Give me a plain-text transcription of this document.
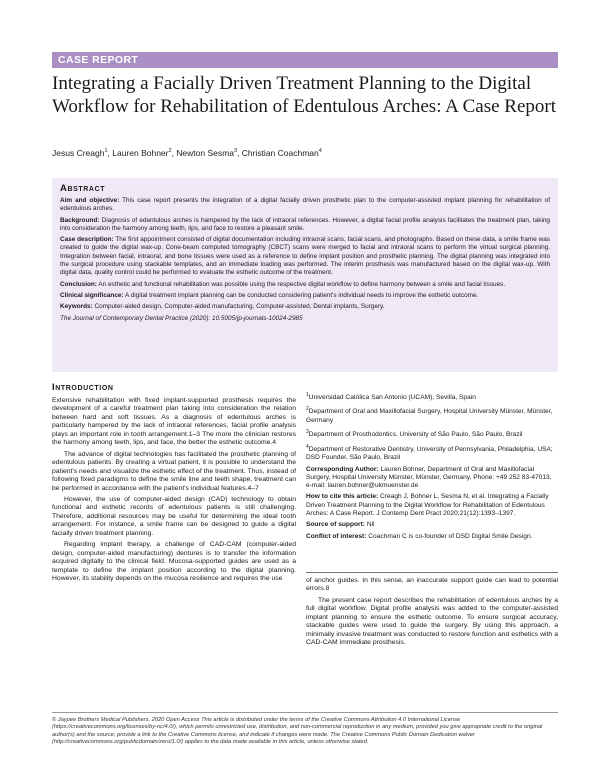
CASE REPORT
Integrating a Facially Driven Treatment Planning to the Digital Workflow for Rehabilitation of Edentulous Arches: A Case Report
Jesus Creagh$^1$, Lauren Bohner$^2$, Newton Sesma$^3$, Christian Coachman$^4$
Abstract

Aim and objective: This case report presents the integration of a digital facially driven prosthetic plan to the computer-assisted implant planning for rehabilitation of edentulous arches.

Background: Diagnosis of edentulous arches is hampered by the lack of intraoral references. However, a digital facial profile analysis facilitates the treatment plan, taking into consideration the harmony among teeth, lips, and face to restore a pleasant smile.

Case description: The first appointment consisted of digital documentation including intraoral scans, facial scans, and photographs. Based on these data, a smile frame was created to guide the digital wax-up. Cone-beam computed tomography (CBCT) scans were merged to facial and intraoral scans to perform the virtual surgical planning. Integration between facial, intraoral, and bone tissues were used as a reference to define implant position and prosthetic planning. The digital planning was integrated into the surgical procedure using stackable templates, and an immediate loading was performed. The interim prosthesis was manufactured based on the digital wax-up. With digital data, quality control could be performed to evaluate the esthetic outcome of the treatment.

Conclusion: An esthetic and functional rehabilitation was possible using the respective digital workflow to define harmony between a smile and facial tissues.

Clinical significance: A digital treatment implant planning can be conducted considering patient's individual needs to improve the esthetic outcome.

Keywords: Computer-aided design, Computer-aided manufacturing, Computer-assisted, Dental implants, Surgery.

The Journal of Contemporary Dental Practice (2020): 10.5005/jp-journals-10024-2985

Introduction

Extensive rehabilitation with fixed implant-supported prosthesis requires the development of a careful treatment plan taking into consideration the relation between hard and soft tissues. As a diagnosis of edentulous arches is particularly hampered by the lack of intraoral references, facial profile analysis plays an important role in tooth arrangement.1–3 The more the clinician restores the harmony among teeth, lips, and face, the better the esthetic outcome.4

The advance of digital technologies has facilitated the prosthetic planning of edentulous patients. By creating a virtual patient, it is possible to understand the patient's needs and visualize the esthetic effect of the treatment. Thus, instead of following fixed paradigms to define the smile line and teeth shape, treatment can be performed in accordance with the patient's individual features.4–7

However, the use of computer-aided design (CAD) technology to obtain functional and esthetic records of edentulous patients is still challenging. Therefore, additional resources may be useful for determining the ideal tooth arrangement. For instance, a smile frame can be designed to guide a digital facially driven treatment planning.

Regarding implant therapy, a challenge of CAD-CAM (computer-aided design, computer-aided manufacturing) dentures is to transfer the information acquired digitally to the clinical field. Mucosa-supported guides are used as a template to define the implant position according to the digital planning. However, its stability depends on the mucosa resilience and requires the use

$^1$Universidad Católica San Antonio (UCAM), Sevilla, Spain

$^2$Department of Oral and Maxillofacial Surgery, Hospital University Münster, Münster, Germany

$^3$Department of Prosthodontics, University of São Paulo, São Paulo, Brazil

$^4$Department of Restorative Dentistry, University of Pennsylvania, Philadelphia, USA; DSD Founder, São Paulo, Brazil

Corresponding Author: Lauren Bohner, Department of Oral and Maxillofacial Surgery, Hospital University Münster, Münster, Germany, Phone: +49 252 83-47013, e-mail: lauren.bohner@ukmuenster.de

How to cite this article: Creagh J, Bohner L, Sesma N, et al. Integrating a Facially Driven Treatment Planning to the Digital Workflow for Rehabilitation of Edentulous Arches: A Case Report. J Contemp Dent Pract 2020;21(12):1393–1397.

Source of support: Nil

Conflict of interest: Coachman C is co-founder of DSD Digital Smile Design.

of anchor guides. In this sense, an inaccurate support guide can lead to potential errors.8

The present case report describes the rehabilitation of edentulous arches by a full digital workflow. Digital profile analysis was added to the computer-assisted implant planning to ensure the esthetic outcome. To ensure surgical accuracy, stackable guides were used to guide the surgery. By using this approach, a minimally invasive treatment was conducted to restore function and esthetics with a CAD-CAM immediate prosthesis.

© Jaypee Brothers Medical Publishers. 2020 Open Access This article is distributed under the terms of the Creative Commons Attribution 4.0 International License (https://creativecommons.org/licenses/by-nc/4.0/), which permits unrestricted use, distribution, and non-commercial reproduction in any medium, provided you give appropriate credit to the original author(s) and the source, provide a link to the Creative Commons license, and indicate if changes were made. The Creative Commons Public Domain Dedication waiver (http://creativecommons.org/publicdomain/zero/1.0/) applies to the data made available in this article, unless otherwise stated.
